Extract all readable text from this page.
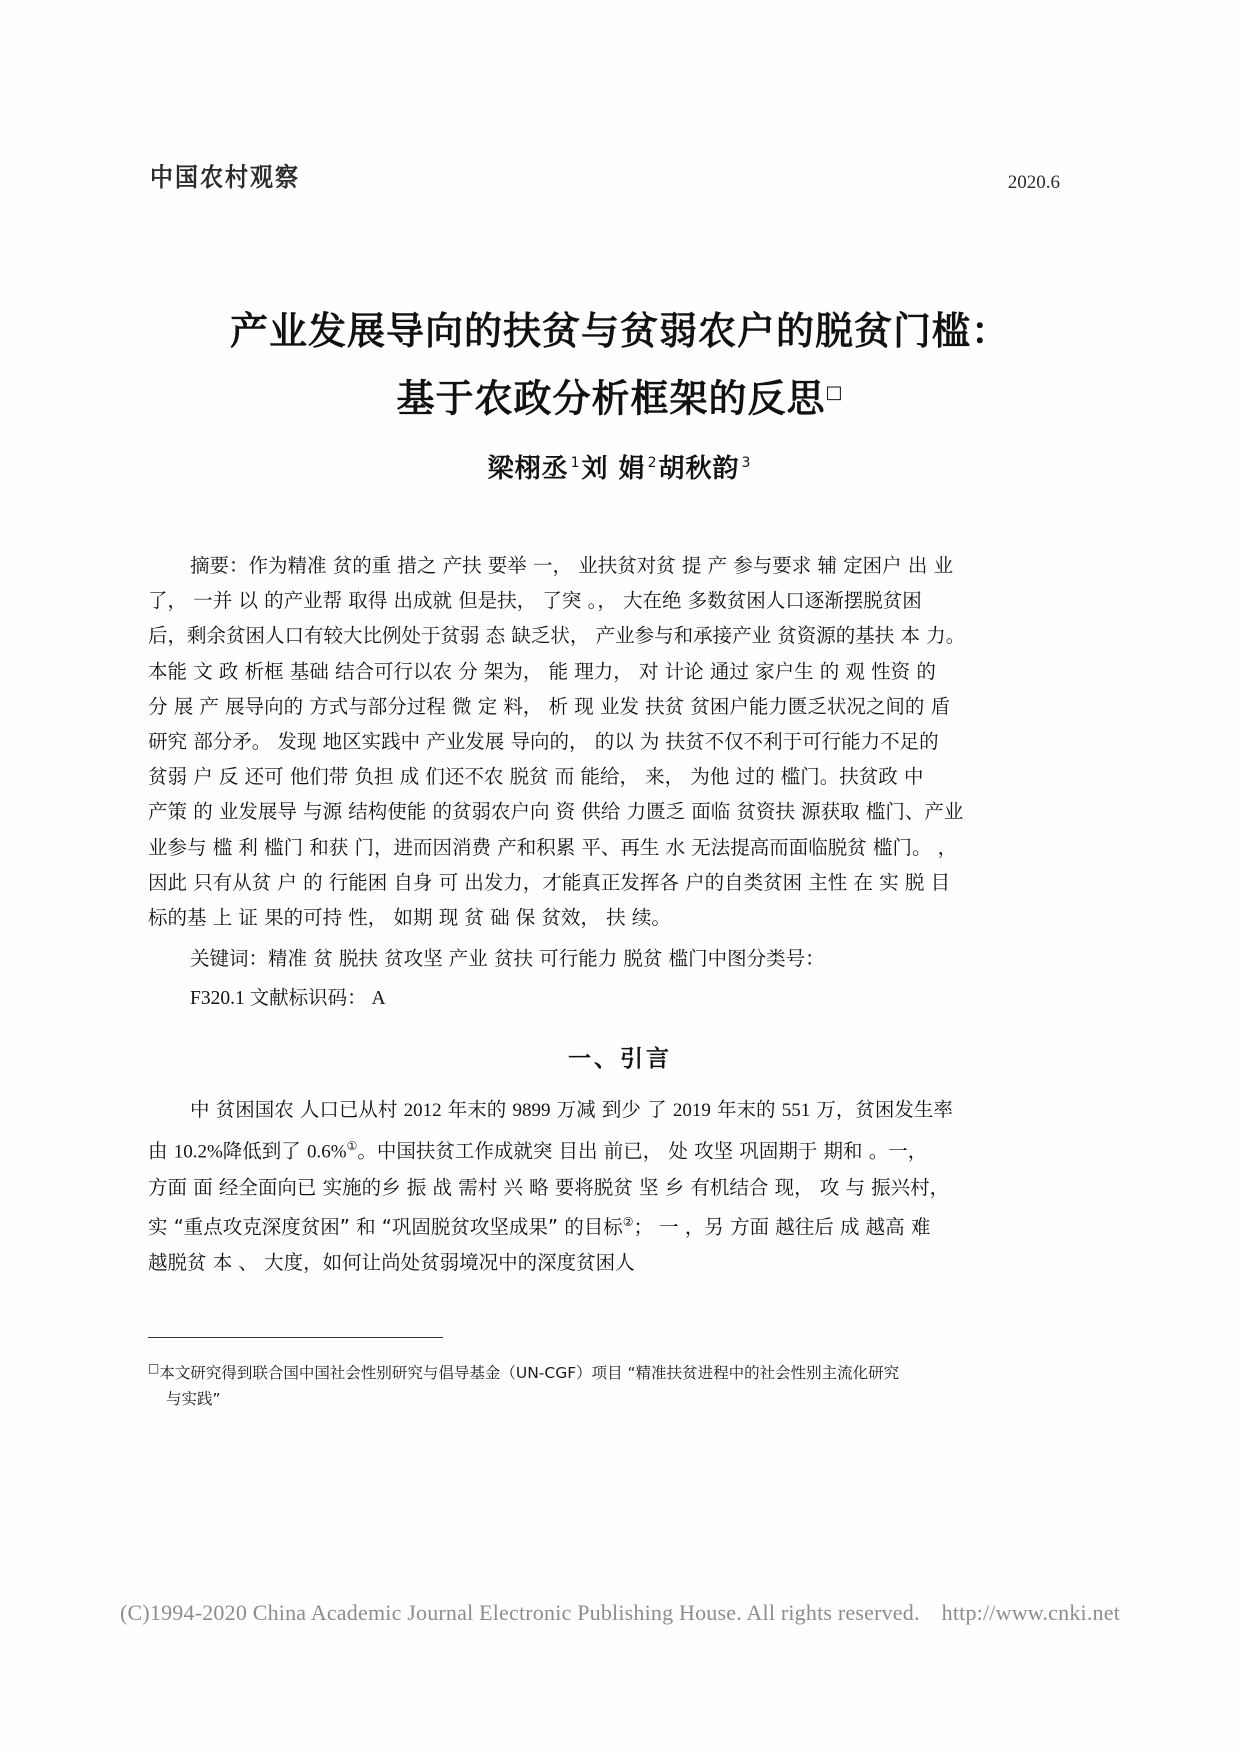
中国农村观察	2020.6
产业发展导向的扶贫与贫弱农户的脱贫门槛：
基于农政分析框架的反思□
梁栩丞 $^1$刘 娟 $^2$胡秋韵 $^3$

摘要：作为精准 贫的重 措之 产扶 要举 一， 业扶贫对贫 提 产 参与要求 辅 定困户 出 业

了， 一并 以 的产业帮 取得 出成就 但是扶， 了突 。， 大在绝 多数贫困人口逐渐摆脱贫困

后，剩余贫困人口有较大比例处于贫弱 态 缺乏状， 产业参与和承接产业 贫资源的基扶 本 力。

本能 文 政 析框 基础 结合可行以农 分 架为， 能 理力， 对 计论 通过 家户生 的 观 性资 的

分 展 产 展导向的 方式与部分过程 微 定 料， 析 现 业发 扶贫 贫困户能力匮乏状况之间的 盾

研究 部分矛。 发现 地区实践中 产业发展 导向的， 的以 为 扶贫不仅不利于可行能力不足的

贫弱 户 反 还可 他们带 负担 成 们还不农 脱贫 而 能给， 来， 为他 过的 槛门。扶贫政 中

产策 的 业发展导 与源 结构使能 的贫弱农户向 资 供给 力匮乏 面临 贫资扶 源获取 槛门、产业

业参与 槛 利 槛门 和获 门，进而因消费 产和积累 平、再生 水 无法提高而面临脱贫 槛门。 ，

因此 只有从贫 户 的 行能困 自身 可 出发力，才能真正发挥各 户的自类贫困 主性 在 实 脱 目

标的基 上 证 果的可持 性， 如期 现 贫 础 保 贫效， 扶 续。

关键词：精准 贫 脱扶 贫攻坚 产业 贫扶 可行能力 脱贫 槛门中图分类号：

F320.1 文献标识码： A

一、引言

中 贫困国农 人口已从村 2012 年末的 9899 万减 到少 了 2019 年末的 551 万，贫困发生率

由 10.2%降低到了 0.6%①。中国扶贫工作成就突 目出 前已， 处 攻坚 巩固期于 期和 。一，

方面 面 经全面向已 实施的乡 振 战 需村 兴 略 要将脱贫 坚 乡 有机结合 现， 攻 与 振兴村，

实 “重点攻克深度贫困” 和 “巩固脱贫攻坚成果” 的目标②； 一 ，另 方面 越往后 成 越高 难

越脱贫 本 、 大度，如何让尚处贫弱境况中的深度贫困人

□本文研究得到联合国中国社会性别研究与倡导基金（UN-CGF）项目 “精准扶贫进程中的社会性别主流化研究
与实践”
(C)1994-2020 China Academic Journal Electronic Publishing House. All rights reserved. http://www.cnki.net
